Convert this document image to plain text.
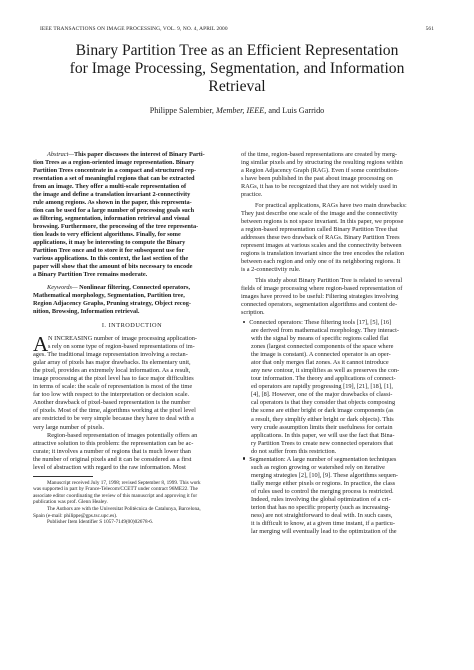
IEEE TRANSACTIONS ON IMAGE PROCESSING, VOL. 9, NO. 4, APRIL 2000	561
Binary Partition Tree as an Efficient Representation
for Image Processing, Segmentation, and Information
Retrieval
Philippe Salembier, Member, IEEE, and Luis Garrido
Abstract—This paper discusses the interest of Binary Parti-
tion Trees as a region-oriented image representation. Binary
Partition Trees concentrate in a compact and structured rep-
resentation a set of meaningful regions that can be extracted
from an image. They offer a multi-scale representation of
the image and define a translation invariant 2-connectivity
rule among regions. As shown in the paper, this representa-
tion can be used for a large number of processing goals such
as filtering, segmentation, information retrieval and visual
browsing. Furthermore, the processing of the tree representa-
tion leads to very efficient algorithms. Finally, for some
applications, it may be interesting to compute the Binary
Partition Tree once and to store it for subsequent use for
various applications. In this context, the last section of the
paper will show that the amount of bits necessary to encode
a Binary Partition Tree remains moderate.
Keywords— Nonlinear filtering, Connected operators,
Mathematical morphology, Segmentation, Partition tree,
Region Adjacency Graphs, Pruning strategy, Object recog-
nition, Browsing, Information retrieval.
I. INTRODUCTION
A N INCREASING number of image processing application-
s rely on some type of region-based representations of im-
ages. The traditional image representation involving a rectan-
gular array of pixels has major drawbacks. Its elementary unit,
the pixel, provides an extremely local information. As a result,
image processing at the pixel level has to face major difficulties
in terms of scale: the scale of representation is most of the time
far too low with respect to the interpretation or decision scale.
Another drawback of pixel-based representation is the number
of pixels. Most of the time, algorithms working at the pixel level
are restricted to be very simple because they have to deal with a
very large number of pixels.
Region-based representation of images potentially offers an
attractive solution to this problem: the representation can be ac-
curate; it involves a number of regions that is much lower than
the number of original pixels and it can be considered as a first
level of abstraction with regard to the raw information. Most
Manuscript received July 17, 1998; revised September 8, 1999. This work
was supported in part by France-Telecom/CCETT under contract 96ME22. The
associate editor coordinating the review of this manuscript and approving it for
publication was prof. Glenn Healey.
The Authors are with the Universitat Politècnica de Catalunya, Barcelona,
Spain (e-mail: philippe@gps.tsc.upc.es).
Publisher Item Identifier S 1057-7149(00)02678-6.
of the time, region-based representations are created by merg-
ing similar pixels and by structuring the resulting regions within
a Region Adjacency Graph (RAG). Even if some contribution-
s have been published in the past about image processing on
RAGs, it has to be recognized that they are not widely used in
practice.
For practical applications, RAGs have two main drawbacks:
They just describe one scale of the image and the connectivity
between regions is not space invariant. In this paper, we propose
a region-based representation called Binary Partition Tree that
addresses these two drawback of RAGs. Binary Partition Trees
represent images at various scales and the connectivity between
regions is translation invariant since the tree encodes the relation
between each region and only one of its neighboring regions. It
is a 2-connectivity rule.
This study about Binary Partition Tree is related to several
fields of image processing where region-based representation of
images have proved to be useful: Filtering strategies involving
connected operators, segmentation algorithms and content de-
scription.
Connected operators: These filtering tools [17], [5], [16]
are derived from mathematical morphology. They interact-
with the signal by means of specific regions called flat
zones (largest connected components of the space where
the image is constant). A connected operator is an oper-
ator that only merges flat zones. As it cannot introduce
any new contour, it simplifies as well as preserves the con-
tour information. The theory and applications of connect-
ed operators are rapidly progressing [19], [21], [18], [1],
[4], [8]. However, one of the major drawbacks of classi-
cal operators is that they consider that objects composing
the scene are either bright or dark image components (as
a result, they simplify either bright or dark objects). This
very crude assumption limits their usefulness for certain
applications. In this paper, we will use the fact that Bina-
ry Partition Trees to create new connected operators that
do not suffer from this restriction.
Segmentation: A large number of segmentation techniques
such as region growing or watershed rely on iterative
merging strategies [2], [10], [9]. These algorithms sequen-
tially merge either pixels or regions. In practice, the class
of rules used to control the merging process is restricted.
Indeed, rules involving the global optimization of a cri-
terion that has no specific property (such as increasing-
ness) are not straightforward to deal with. In such cases,
it is difficult to know, at a given time instant, if a particu-
lar merging will eventually lead to the optimization of the
